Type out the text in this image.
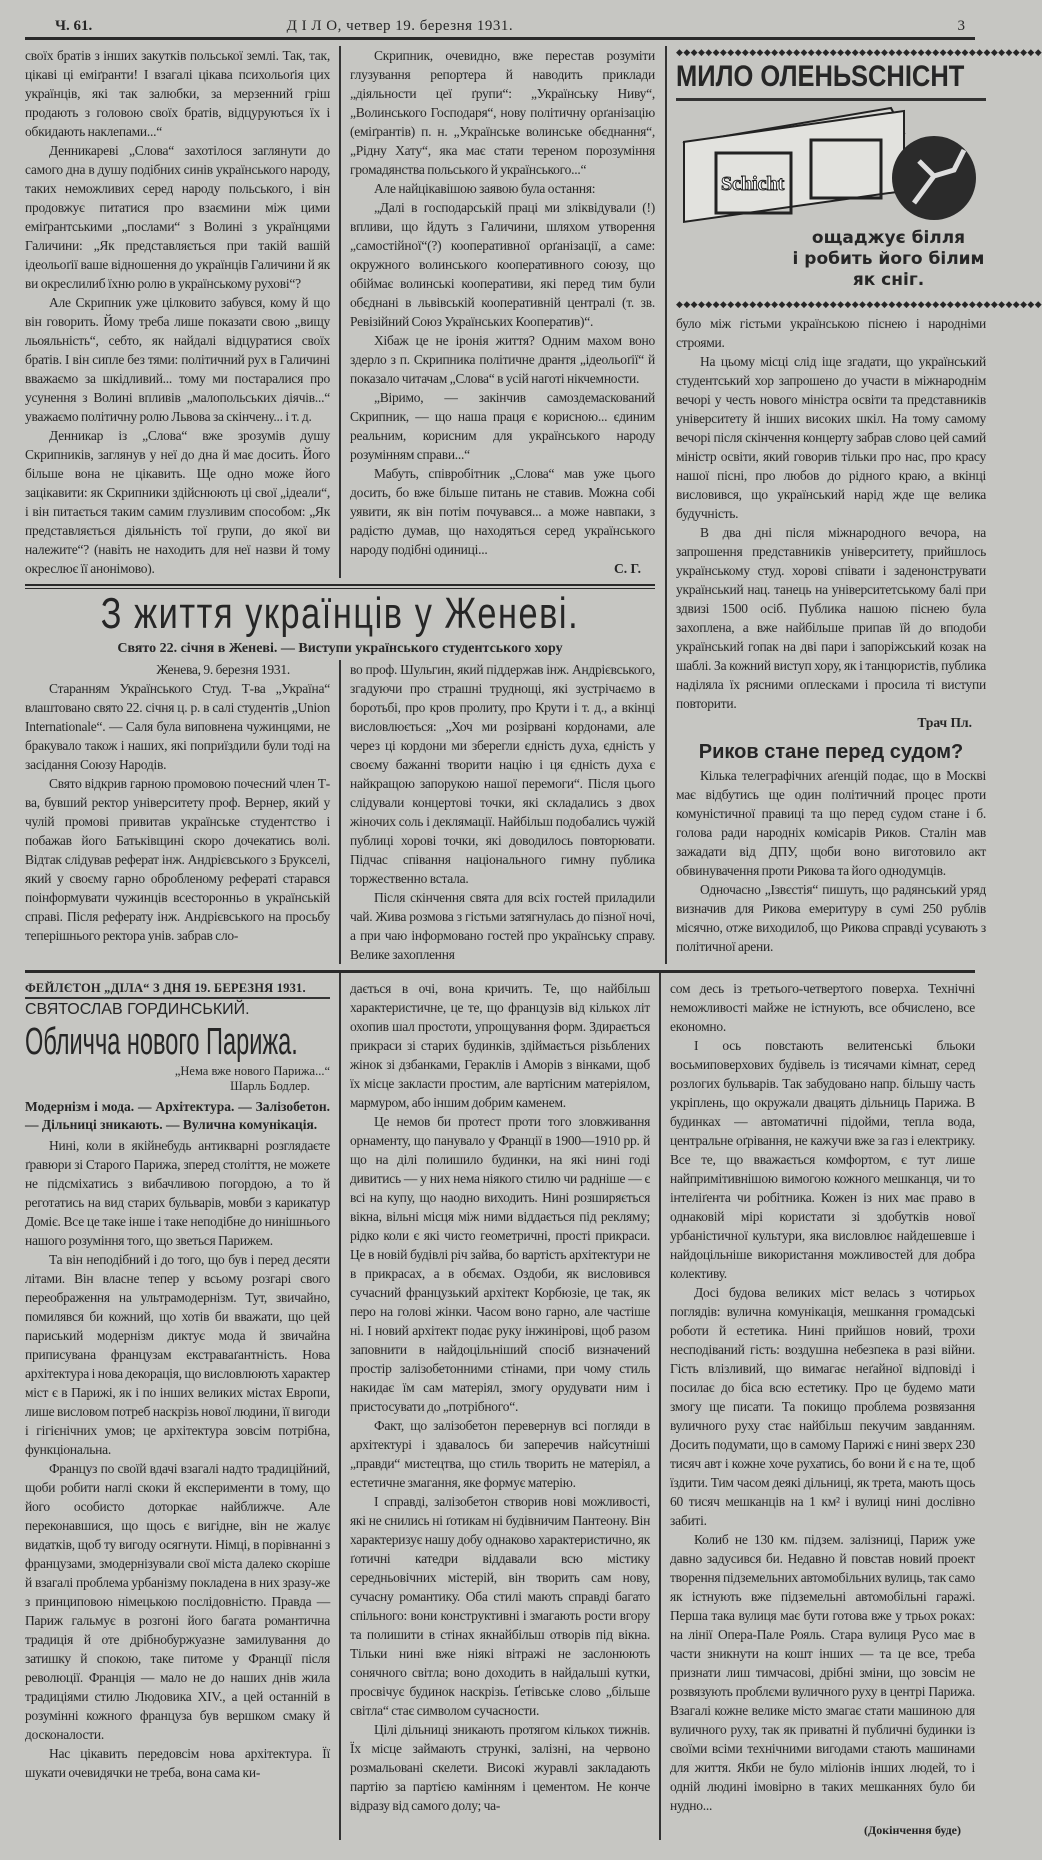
Ч. 61.	Д І Л О, четвер 19. березня 1931.	3

своїх братів з інших закутків польської землі. Так, так, цікаві ці еміґранти! І взагалі цікава психольоґія цих українців, які так залюбки, за мерзенний гріш продають з головою своїх братів, відцуруються їх і обкидають наклепами...“

Денникареві „Слова“ захотілося заглянути до самого дна в душу подібних синів українського народу, таких неможливих серед народу польського, і він продовжує питатися про взаємини між цими еміґрантськими „послами“ з Волині з українцями Галичини: „Як представляється при такій вашій ідеольоґії ваше відношення до українців Галичини й як ви окреслилиб їхню ролю в українському рухові“?

Але Скрипник уже цілковито забувся, кому й що він говорить. Йому треба лише показати свою „вищу льояльність“, себто, як найдалі відцуратися своїх братів. І він сипле без тями: політичний рух в Галичині вважаємо за шкідливий... тому ми постаралися про усунення з Волині впливів „малопольських діячів...“ уважаємо політичну ролю Львова за скінчену... і т. д.

Денникар із „Слова“ вже зрозумів душу Скрипників, заглянув у неї до дна й має досить. Його більше вона не цікавить. Ще одно може його зацікавити: як Скрипники здійснюють ці свої „ідеали“, і він питається таким самим глузливим способом: „Як представляється діяльність тої групи, до якої ви належите“? (навіть не находить для неї назви й тому окреслює її анонімово).

Скрипник, очевидно, вже перестав розуміти глузування репортера й наводить приклади „діяльности цеї ґрупи“: „Українську Ниву“, „Волинського Господаря“, нову політичну орґанізацію (еміґрантів) п. н. „Українське волинське обєднання“, „Рідну Хату“, яка має стати тереном порозуміння громадянства польського й українського...“

Але найцікавішою заявою була остання:

„Далі в господарській праці ми зліквідували (!) впливи, що йдуть з Галичини, шляхом утворення „самостійної“(?) кооперативної орґанізації, а саме: окружного волинського кооперативного союзу, що обіймає волинські кооперативи, які перед тим були обєднані в львівській кооперативній централі (т. зв. Ревізійний Союз Українських Кооператив)“.

Хібаж це не іронія життя? Одним махом воно здерло з п. Скрипника політичне дрантя „ідеольоґії“ й показало читачам „Слова“ в усій наготі нікчемности.

„Віримо, — закінчив самоздемаскований Скрипник, — що наша праця є корисною... єдиним реальним, корисним для українського народу розумінням справи...“

Мабуть, співробітник „Слова“ мав уже цього досить, бо вже більше питань не ставив. Можна собі уявити, як він потім почувався... а може навпаки, з радістю думав, що находяться серед українського народу подібні одиниці...

С. Г.
З життя українців у Женеві.
Свято 22. січня в Женеві. — Виступи українського студентського хору
Женева, 9. березня 1931.

Старанням Українського Студ. Т-ва „Україна“ влаштовано свято 22. січня ц. р. в салі студентів „Union Internationale“. — Саля була виповнена чужинцями, не бракувало також і наших, які поприїздили були тоді на засідання Союзу Народів.

Свято відкрив гарною промовою почесний член Т-ва, бувший ректор університету проф. Вернер, який у чулій промові привитав українське студентство і побажав його Батьківщині скоро дочекатись волі. Відтак слідував реферат інж. Андрієвського з Брукселі, який у своєму гарно обробленому рефераті старався поінформувати чужинців всесторонньо в українській справі. Після реферату інж. Андрієвського на просьбу теперішнього ректора унів. забрав сло-

во проф. Шульгин, який піддержав інж. Андрієвського, згадуючи про страшні труднощі, які зустрічаємо в боротьбі, про кров пролиту, про Крути і т. д., а вкінці висловлюється: „Хоч ми розірвані кордонами, але через ці кордони ми зберегли єдність духа, єдність у своєму бажанні творити націю і ця єдність духа є найкращою запорукою нашої перемоги“. Після цього слідували концертові точки, які складались з двох жіночих соль і деклямації. Найбільш подобались чужій публиці хорові точки, які доводилось повторювати. Підчас співання національного гимну публика торжественно встала.

Після скінчення свята для всіх гостей приладили чай. Жива розмова з гістьми затягнулась до пізної ночі, а при чаю інформовано гостей про українську справу. Велике захоплення

◆◆◆◆◆◆◆◆◆◆◆◆◆◆◆◆◆◆◆◆◆◆◆◆◆◆◆◆◆◆◆◆◆◆◆◆◆◆◆◆◆◆◆◆◆◆◆◆◆◆
МИЛО ОЛЕНЬ SCHICHT
Schicht
ощаджує білля
і робить його білим
як сніг.
◆◆◆◆◆◆◆◆◆◆◆◆◆◆◆◆◆◆◆◆◆◆◆◆◆◆◆◆◆◆◆◆◆◆◆◆◆◆◆◆◆◆◆◆◆◆◆◆◆◆

було між гістьми українською піснею і народніми строями.

На цьому місці слід іще згадати, що український студентський хор запрошено до участи в міжнароднім вечорі у честь нового міністра освіти та представників університету й інших високих шкіл. На тому самому вечорі після скінчення концерту забрав слово цей самий міністр освіти, який говорив тільки про нас, про красу нашої пісні, про любов до рідного краю, а вкінці висловився, що український нарід жде ще велика будучність.

В два дні після міжнародного вечора, на запрошення представників університету, прийшлось українському студ. хорові співати і заденонструвати український нац. танець на університетському балі при здвизі 1500 осіб. Публика нашою піснею була захоплена, а вже найбільше припав їй до вподоби український гопак на дві пари і запоріжський козак на шаблі. За кожний виступ хору, як і танцюристів, публика наділяла їх рясними оплесками і просила ті виступи повторити.

Трач Пл.
Риков стане перед судом?

Кілька телеграфічних аґенцій подає, що в Москві має відбутись ще один політичний процес проти комуністичної правиці та що перед судом стане і б. голова ради народніх комісарів Риков. Сталін мав зажадати від ДПУ, щоби воно виготовило акт обвинувачення проти Рикова та його однодумців.

Одночасно „Ізвєстія“ пишуть, що радянський уряд визначив для Рикова емеритуру в сумі 250 рублів місячно, отже виходилоб, що Рикова справді усувають з політичної арени.

ФЕЙЛЄТОН „ДІЛА“ З ДНЯ 19. БЕРЕЗНЯ 1931.
СВЯТОСЛАВ ГОРДИНСЬКИЙ.
Обличча нового Парижа.
„Нема вже нового Парижа...“
Шарль Бодлер.
Модернізм і мода. — Архітектура. — Залізобетон. — Дільниці зникають. — Вулична комунікація.

Нині, коли в якійнебудь антикварні розглядаєте ґравюри зі Старого Парижа, зперед століття, не можете не підсміхатись з вибачливою погордою, а то й реготатись на вид старих бульварів, мовби з карикатур Доміє. Все це таке інше і таке неподібне до нинішнього нашого розуміння того, що зветься Парижем.

Та він неподібний і до того, що був і перед десяти літами. Він власне тепер у всьому розгарі свого переображення на ультрамодернізм. Тут, звичайно, помилявся би кожний, що хотів би вважати, що цей париський модернізм диктує мода й звичайна приписувана французам екстраваґантність. Нова архітектура і нова декорація, що висловлюють характер міст є в Парижі, як і по інших великих містах Европи, лише висловом потреб наскрізь нової людини, її вигоди і гігієнічних умов; це архітектура зовсім потрібна, функціональна.

Француз по своїй вдачі взагалі надто традиційний, щоби робити наглі скоки й експерименти в тому, що його особисто доторкає найближче. Але переконавшися, що щось є вигідне, він не жалує видатків, щоб ту вигоду осягнути. Німці, в порівнанні з французами, змодернізували свої міста далеко скоріше й взагалі проблема урбанізму покладена в них зразу-же з принциповою німецькою послідовністю. Правда — Париж гальмує в розгоні його багата романтична традиція й оте дрібнобуржуазне замилування до затишку й спокою, таке питоме у Франції після революції. Франція — мало не до наших днів жила традиціями стилю Людовика XIV., а цей останній в розумінні кожного француза був вершком смаку й досконалости.

Нас цікавить передовсім нова архітектура. Її шукати очевидячки не треба, вона сама ки-

дається в очі, вона кричить. Те, що найбільш характеристичне, це те, що французів від кількох літ охопив шал простоти, упрощування форм. Здирається прикраси зі старих будинків, здіймається різьблених жінок зі дзбанками, Гераклів і Аморів з вінками, щоб їх місце закласти простим, але вартісним матеріялом, мармуром, або іншим добрим каменем.

Це немов би протест проти того зловживання орнаменту, що панувало у Франції в 1900—1910 рр. й що на ділі полишило будинки, на які нині годі дивитись — у них нема ніякого стилю чи радніше — є всі на купу, що наодно виходить. Нині розширяється вікна, вільні місця між ними віддається під рекляму; рідко коли є які чисто геометричні, прості прикраси. Це в новій будівлі річ зайва, бо вартість архітектури не в прикрасах, а в обємах. Оздоби, як висловився сучасний французький архітект Корбюзіе, це так, як перо на голові жінки. Часом воно гарно, але частіше ні. І новий архітект подає руку інжинірові, щоб разом заповнити в найдоцільніший спосіб визначений простір залізобетонними стінами, при чому стиль накидає їм сам матеріял, змогу орудувати ним і пристосувати до „потрібного“.

Факт, що залізобетон перевернув всі погляди в архітектурі і здавалось би заперечив найсутніші „правди“ мистецтва, що стиль творить не матеріял, а естетичне змагання, яке формує матерію.

І справді, залізобетон створив нові можливості, які не снились ні ґотикам ні будівничим Пантеону. Він характеризує нашу добу однаково характеристично, як ґотичні катедри віддавали всю містику середньовічних містерій, він творить сам нову, сучасну романтику. Оба стилі мають справді багато спільного: вони конструктивні і змагають рости вгору та полишити в стінах якнайбільш отворів під вікна. Тільки нині вже ніякі вітражі не заслонюють сонячного світла; воно доходить в найдальші кутки, просвічує будинок наскрізь. Ґетівське слово „більше світла“ стає символом сучасности.

Цілі дільниці зникають протягом кількох тижнів. Їх місце займають стрункі, залізні, на червоно розмальовані скелети. Високі журавлі закладають партію за партією камінням і цементом. Не конче відразу від самого долу; ча-

сом десь із третього-четвертого поверха. Технічні неможливості майже не істнують, все обчислено, все економно.

І ось повстають велитенські бльоки восьмиповерхових будівель із тисячами кімнат, серед розлогих бульварів. Так забудовано напр. більшу часть укріплень, що окружали двацять дільниць Парижа. В будинках — автоматичні підойми, тепла вода, центральне оґрівання, не кажучи вже за газ і електрику. Все те, що вважається комфортом, є тут лише найпримітивнішою вимогою кожного мешканця, чи то інтеліґента чи робітника. Кожен із них має право в однаковій мірі користати зі здобутків нової урбаністичної культури, яка висловлює найдешевше і найдоцільніше використання можливостей для добра колективу.

Досі будова великих міст велась з чотирьох поглядів: вулична комунікація, мешкання громадські роботи й естетика. Нині прийшов новий, трохи несподіваний гість: воздушна небезпека в разі війни. Гість влізливий, що вимагає неґайної відповіді і посилає до біса всю естетику. Про це будемо мати змогу ще писати. Та покищо проблема розвязання вуличного руху стає найбільш пекучим завданням. Досить подумати, що в самому Парижі є нині зверх 230 тисяч авт і кожне хоче рухатись, бо вони й є на те, щоб їздити. Тим часом деякі дільниці, як трета, мають щось 60 тисяч мешканців на 1 км² і вулиці нині дослівно забиті.

Колиб не 130 км. підзем. залізниці, Париж уже давно задусився би. Недавно й повстав новий проект творення підземельних автомобільних вулиць, так само як істнують вже підземельні автомобільні гаражі. Перша така вулиця має бути готова вже у трьох роках: на лінії Опера-Пале Рояль. Стара вулиця Русо має в части зникнути на кошт інших — та це все, треба признати лиш тимчасові, дрібні зміни, що зовсім не розвязують проблєми вуличного руху в центрі Парижа. Взагалі кожне велике місто змагає стати машиною для вуличного руху, так як приватні й публичні будинки із своїми всіми технічними вигодами стають машинами для життя. Якби не було міліонів інших людей, то і одній людині імовірно в таких мешканнях було би нудно...

(Докінчення буде)
